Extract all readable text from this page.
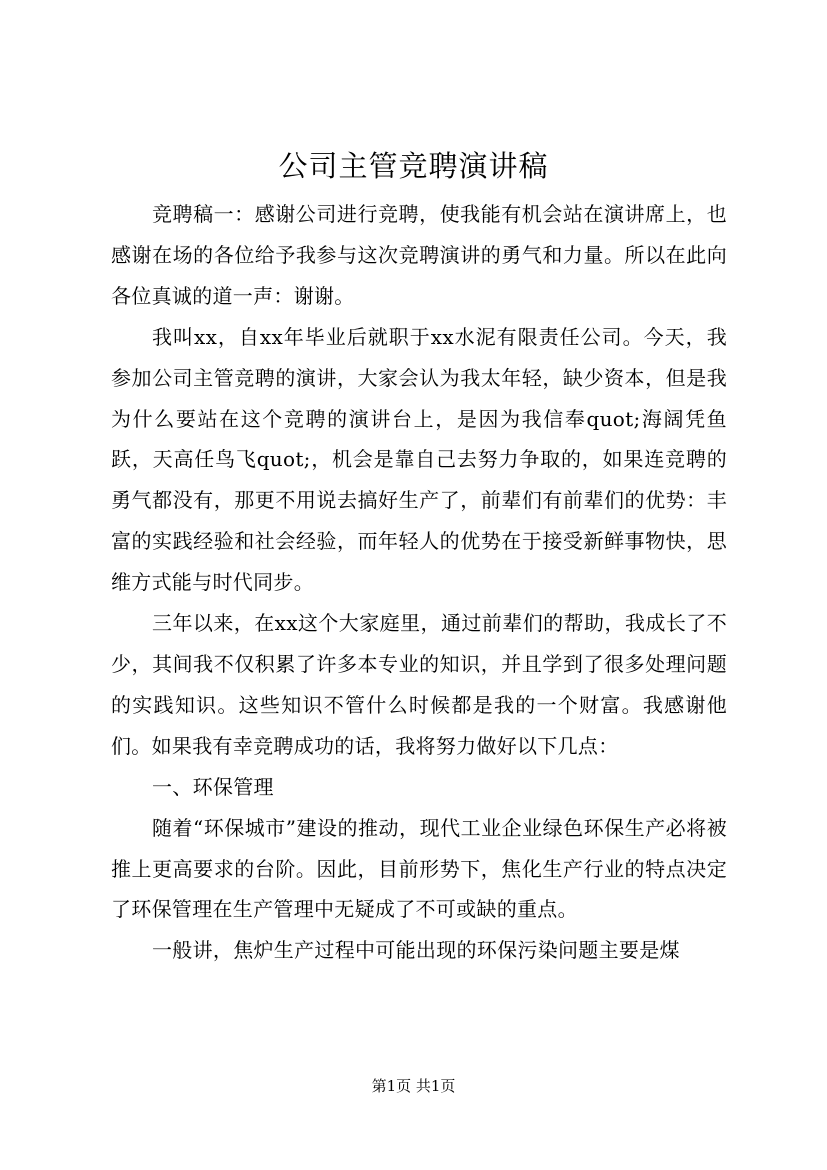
公司主管竞聘演讲稿

竞聘稿一：感谢公司进行竞聘，使我能有机会站在演讲席上，也感谢在场的各位给予我参与这次竞聘演讲的勇气和力量。所以在此向各位真诚的道一声：谢谢。

我叫xx，自xx年毕业后就职于xx水泥有限责任公司。今天，我参加公司主管竞聘的演讲，大家会认为我太年轻，缺少资本，但是我为什么要站在这个竞聘的演讲台上，是因为我信奉quot;海阔凭鱼跃，天高任鸟飞quot;，机会是靠自己去努力争取的，如果连竞聘的勇气都没有，那更不用说去搞好生产了，前辈们有前辈们的优势：丰富的实践经验和社会经验，而年轻人的优势在于接受新鲜事物快，思维方式能与时代同步。

三年以来，在xx这个大家庭里，通过前辈们的帮助，我成长了不少，其间我不仅积累了许多本专业的知识，并且学到了很多处理问题的实践知识。这些知识不管什么时候都是我的一个财富。我感谢他们。如果我有幸竞聘成功的话，我将努力做好以下几点：

一、环保管理

随着“环保城市”建设的推动，现代工业企业绿色环保生产必将被推上更高要求的台阶。因此，目前形势下，焦化生产行业的特点决定了环保管理在生产管理中无疑成了不可或缺的重点。

一般讲，焦炉生产过程中可能出现的环保污染问题主要是煤

第1页 共1页
